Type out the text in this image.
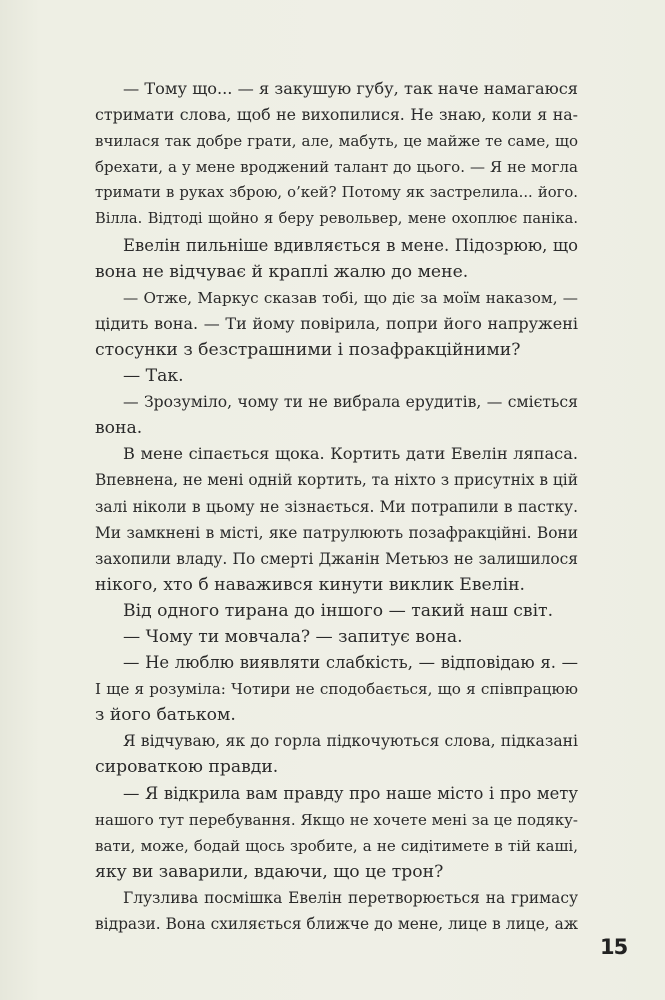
— Тому що... — я закушую губу, так наче намагаюся
стримати слова, щоб не вихопилися. Не знаю, коли я на-
вчилася так добре грати, але, мабуть, це майже те саме, що
брехати, а у мене вроджений талант до цього. — Я не могла
тримати в руках зброю, о’кей? Потому як застрелила... його.
Вілла. Відтоді щойно я беру револьвер, мене охоплює паніка.
Евелін пильніше вдивляється в мене. Підозрюю, що
вона не відчуває й краплі жалю до мене.
— Отже, Маркус сказав тобі, що діє за моїм наказом, —
цідить вона. — Ти йому повірила, попри його напружені
стосунки з безстрашними і позафракційними?
— Так.
— Зрозуміло, чому ти не вибрала ерудитів, — сміється
вона.
В мене сіпається щока. Кортить дати Евелін ляпаса.
Впевнена, не мені одній кортить, та ніхто з присутніх в цій
залі ніколи в цьому не зізнається. Ми потрапили в пастку.
Ми замкнені в місті, яке патрулюють позафракційні. Вони
захопили владу. По смерті Джанін Метьюз не залишилося
нікого, хто б наважився кинути виклик Евелін.
Від одного тирана до іншого — такий наш світ.
— Чому ти мовчала? — запитує вона.
— Не люблю виявляти слабкість, — відповідаю я. —
І ще я розуміла: Чотири не сподобається, що я співпрацюю
з його батьком.
Я відчуваю, як до горла підкочуються слова, підказані
сироваткою правди.
— Я відкрила вам правду про наше місто і про мету
нашого тут перебування. Якщо не хочете мені за це подяку-
вати, може, бодай щось зробите, а не сидітимете в тій каші,
яку ви заварили, вдаючи, що це трон?
Глузлива посмішка Евелін перетворюється на гримасу
відрази. Вона схиляється ближче до мене, лице в лице, аж
15
